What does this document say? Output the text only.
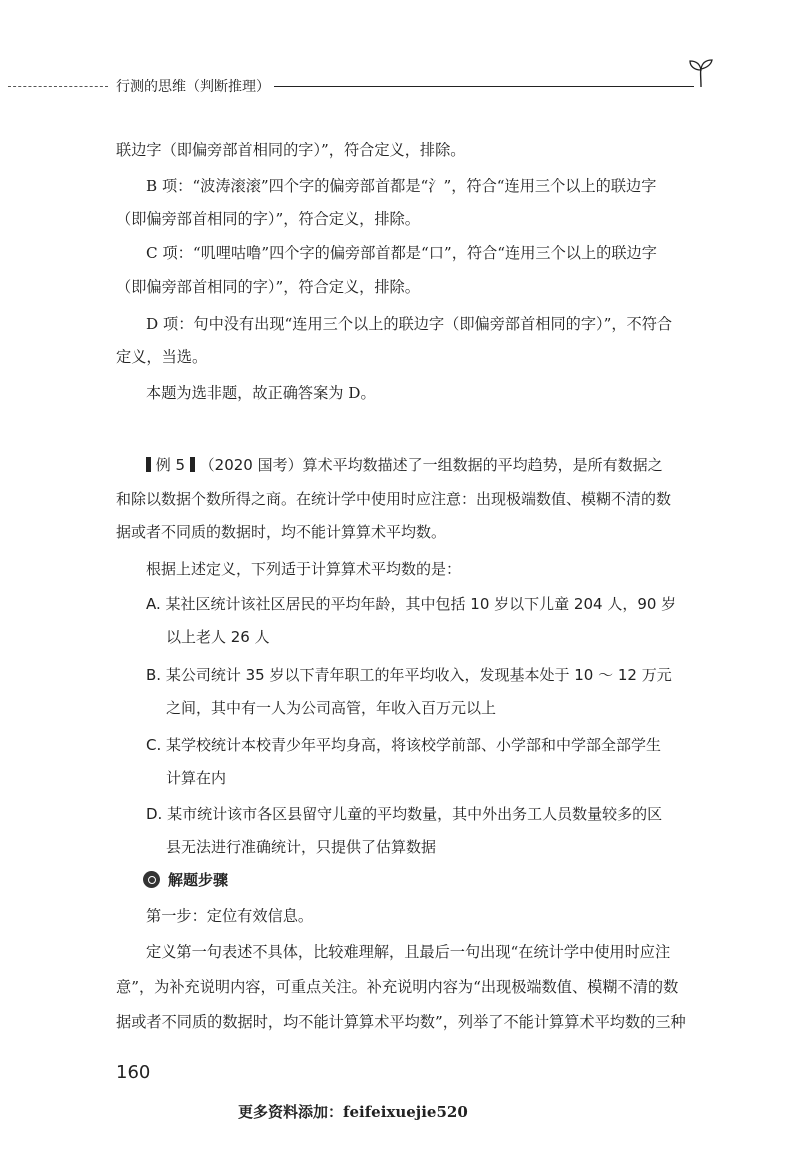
行测的思维（判断推理）
联边字（即偏旁部首相同的字）”，符合定义，排除。
B 项：“波涛滚滚”四个字的偏旁部首都是“氵”，符合“连用三个以上的联边字
（即偏旁部首相同的字）”，符合定义，排除。
C 项：“叽哩咕噜”四个字的偏旁部首都是“口”，符合“连用三个以上的联边字
（即偏旁部首相同的字）”，符合定义，排除。
D 项：句中没有出现“连用三个以上的联边字（即偏旁部首相同的字）”，不符合
定义，当选。
本题为选非题，故正确答案为 D。
例 5 （2020 国考）算术平均数描述了一组数据的平均趋势，是所有数据之
和除以数据个数所得之商。在统计学中使用时应注意：出现极端数值、模糊不清的数
据或者不同质的数据时，均不能计算算术平均数。
根据上述定义，下列适于计算算术平均数的是：
A. 某社区统计该社区居民的平均年龄，其中包括 10 岁以下儿童 204 人，90 岁
以上老人 26 人
B. 某公司统计 35 岁以下青年职工的年平均收入，发现基本处于 10 ～ 12 万元
之间，其中有一人为公司高管，年收入百万元以上
C. 某学校统计本校青少年平均身高，将该校学前部、小学部和中学部全部学生
计算在内
D. 某市统计该市各区县留守儿童的平均数量，其中外出务工人员数量较多的区
县无法进行准确统计，只提供了估算数据
解题步骤
第一步：定位有效信息。
定义第一句表述不具体，比较难理解，且最后一句出现“在统计学中使用时应注
意”，为补充说明内容，可重点关注。补充说明内容为“出现极端数值、模糊不清的数
据或者不同质的数据时，均不能计算算术平均数”，列举了不能计算算术平均数的三种
160
更多资料添加：feifeixuejie520
